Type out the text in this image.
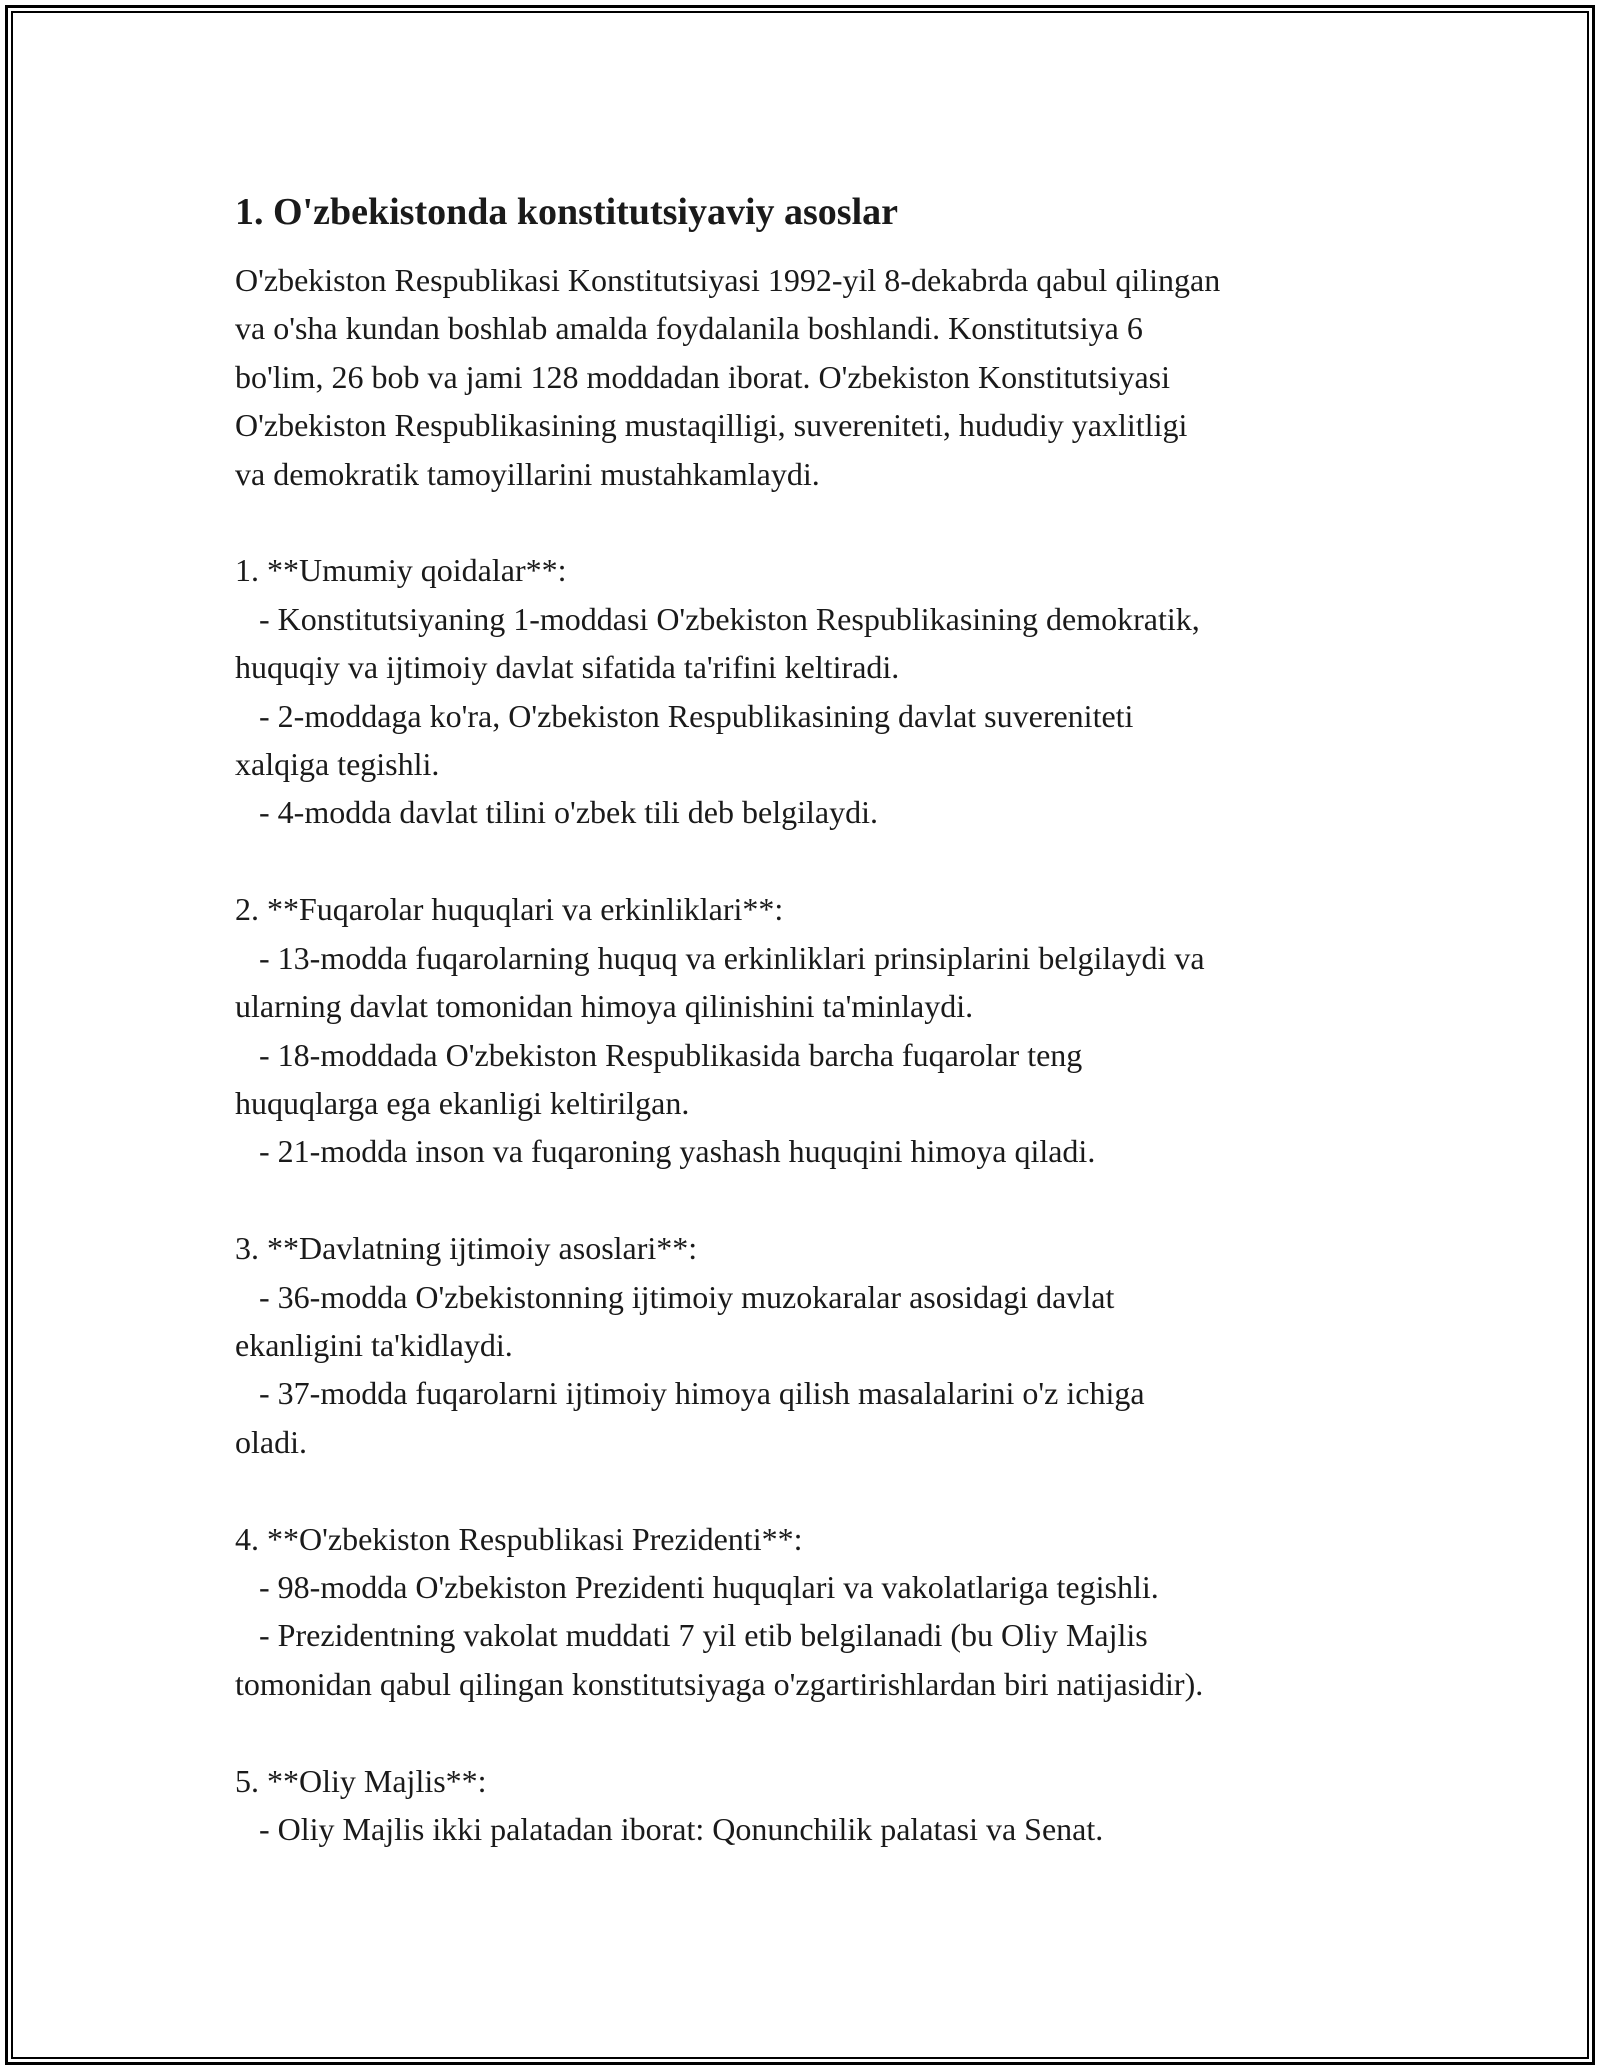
1. O'zbekistonda konstitutsiyaviy asoslar
O'zbekiston Respublikasi Konstitutsiyasi 1992-yil 8-dekabrda qabul qilingan
va o'sha kundan boshlab amalda foydalanila boshlandi. Konstitutsiya 6
bo'lim, 26 bob va jami 128 moddadan iborat. O'zbekiston Konstitutsiyasi
O'zbekiston Respublikasining mustaqilligi, suvereniteti, hududiy yaxlitligi
va demokratik tamoyillarini mustahkamlaydi.

1. **Umumiy qoidalar**:
- Konstitutsiyaning 1-moddasi O'zbekiston Respublikasining demokratik,
huquqiy va ijtimoiy davlat sifatida ta'rifini keltiradi.
- 2-moddaga ko'ra, O'zbekiston Respublikasining davlat suvereniteti
xalqiga tegishli.
- 4-modda davlat tilini o'zbek tili deb belgilaydi.

2. **Fuqarolar huquqlari va erkinliklari**:
- 13-modda fuqarolarning huquq va erkinliklari prinsiplarini belgilaydi va
ularning davlat tomonidan himoya qilinishini ta'minlaydi.
- 18-moddada O'zbekiston Respublikasida barcha fuqarolar teng
huquqlarga ega ekanligi keltirilgan.
- 21-modda inson va fuqaroning yashash huquqini himoya qiladi.

3. **Davlatning ijtimoiy asoslari**:
- 36-modda O'zbekistonning ijtimoiy muzokaralar asosidagi davlat
ekanligini ta'kidlaydi.
- 37-modda fuqarolarni ijtimoiy himoya qilish masalalarini o'z ichiga
oladi.

4. **O'zbekiston Respublikasi Prezidenti**:
- 98-modda O'zbekiston Prezidenti huquqlari va vakolatlariga tegishli.
- Prezidentning vakolat muddati 7 yil etib belgilanadi (bu Oliy Majlis
tomonidan qabul qilingan konstitutsiyaga o'zgartirishlardan biri natijasidir).

5. **Oliy Majlis**:
- Oliy Majlis ikki palatadan iborat: Qonunchilik palatasi va Senat.
